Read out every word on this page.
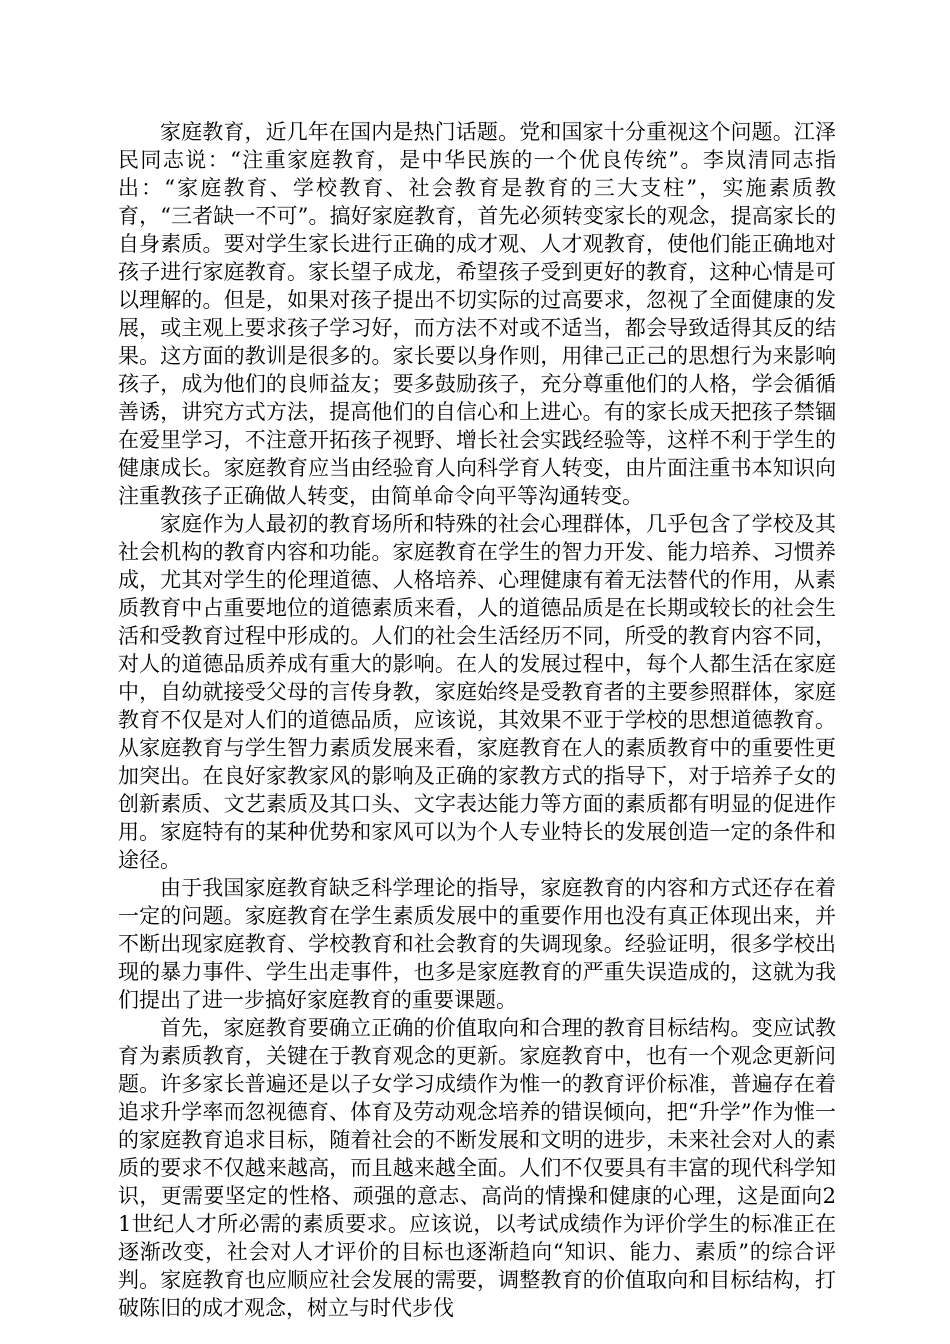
家庭教育，近几年在国内是热门话题。党和国家十分重视这个问题。江泽民同志说：“注重家庭教育，是中华民族的一个优良传统”。李岚清同志指出：“家庭教育、学校教育、社会教育是教育的三大支柱”，实施素质教育，“三者缺一不可”。搞好家庭教育，首先必须转变家长的观念，提高家长的自身素质。要对学生家长进行正确的成才观、人才观教育，使他们能正确地对孩子进行家庭教育。家长望子成龙，希望孩子受到更好的教育，这种心情是可以理解的。但是，如果对孩子提出不切实际的过高要求，忽视了全面健康的发展，或主观上要求孩子学习好，而方法不对或不适当，都会导致适得其反的结果。这方面的教训是很多的。家长要以身作则，用律己正己的思想行为来影响孩子，成为他们的良师益友；要多鼓励孩子，充分尊重他们的人格，学会循循善诱，讲究方式方法，提高他们的自信心和上进心。有的家长成天把孩子禁锢在爱里学习，不注意开拓孩子视野、增长社会实践经验等，这样不利于学生的健康成长。家庭教育应当由经验育人向科学育人转变，由片面注重书本知识向注重教孩子正确做人转变，由简单命令向平等沟通转变。

家庭作为人最初的教育场所和特殊的社会心理群体，几乎包含了学校及其社会机构的教育内容和功能。家庭教育在学生的智力开发、能力培养、习惯养成，尤其对学生的伦理道德、人格培养、心理健康有着无法替代的作用，从素质教育中占重要地位的道德素质来看，人的道德品质是在长期或较长的社会生活和受教育过程中形成的。人们的社会生活经历不同，所受的教育内容不同，对人的道德品质养成有重大的影响。在人的发展过程中，每个人都生活在家庭中，自幼就接受父母的言传身教，家庭始终是受教育者的主要参照群体，家庭教育不仅是对人们的道德品质，应该说，其效果不亚于学校的思想道德教育。从家庭教育与学生智力素质发展来看，家庭教育在人的素质教育中的重要性更加突出。在良好家教家风的影响及正确的家教方式的指导下，对于培养子女的创新素质、文艺素质及其口头、文字表达能力等方面的素质都有明显的促进作用。家庭特有的某种优势和家风可以为个人专业特长的发展创造一定的条件和途径。

由于我国家庭教育缺乏科学理论的指导，家庭教育的内容和方式还存在着一定的问题。家庭教育在学生素质发展中的重要作用也没有真正体现出来，并不断出现家庭教育、学校教育和社会教育的失调现象。经验证明，很多学校出现的暴力事件、学生出走事件，也多是家庭教育的严重失误造成的，这就为我们提出了进一步搞好家庭教育的重要课题。

首先，家庭教育要确立正确的价值取向和合理的教育目标结构。变应试教育为素质教育，关键在于教育观念的更新。家庭教育中，也有一个观念更新问题。许多家长普遍还是以子女学习成绩作为惟一的教育评价标准，普遍存在着追求升学率而忽视德育、体育及劳动观念培养的错误倾向，把“升学”作为惟一的家庭教育追求目标，随着社会的不断发展和文明的进步，未来社会对人的素质的要求不仅越来越高，而且越来越全面。人们不仅要具有丰富的现代科学知识，更需要坚定的性格、顽强的意志、高尚的情操和健康的心理，这是面向21世纪人才所必需的素质要求。应该说，以考试成绩作为评价学生的标准正在逐渐改变，社会对人才评价的目标也逐渐趋向“知识、能力、素质”的综合评判。家庭教育也应顺应社会发展的需要，调整教育的价值取向和目标结构，打破陈旧的成才观念，树立与时代步伐
